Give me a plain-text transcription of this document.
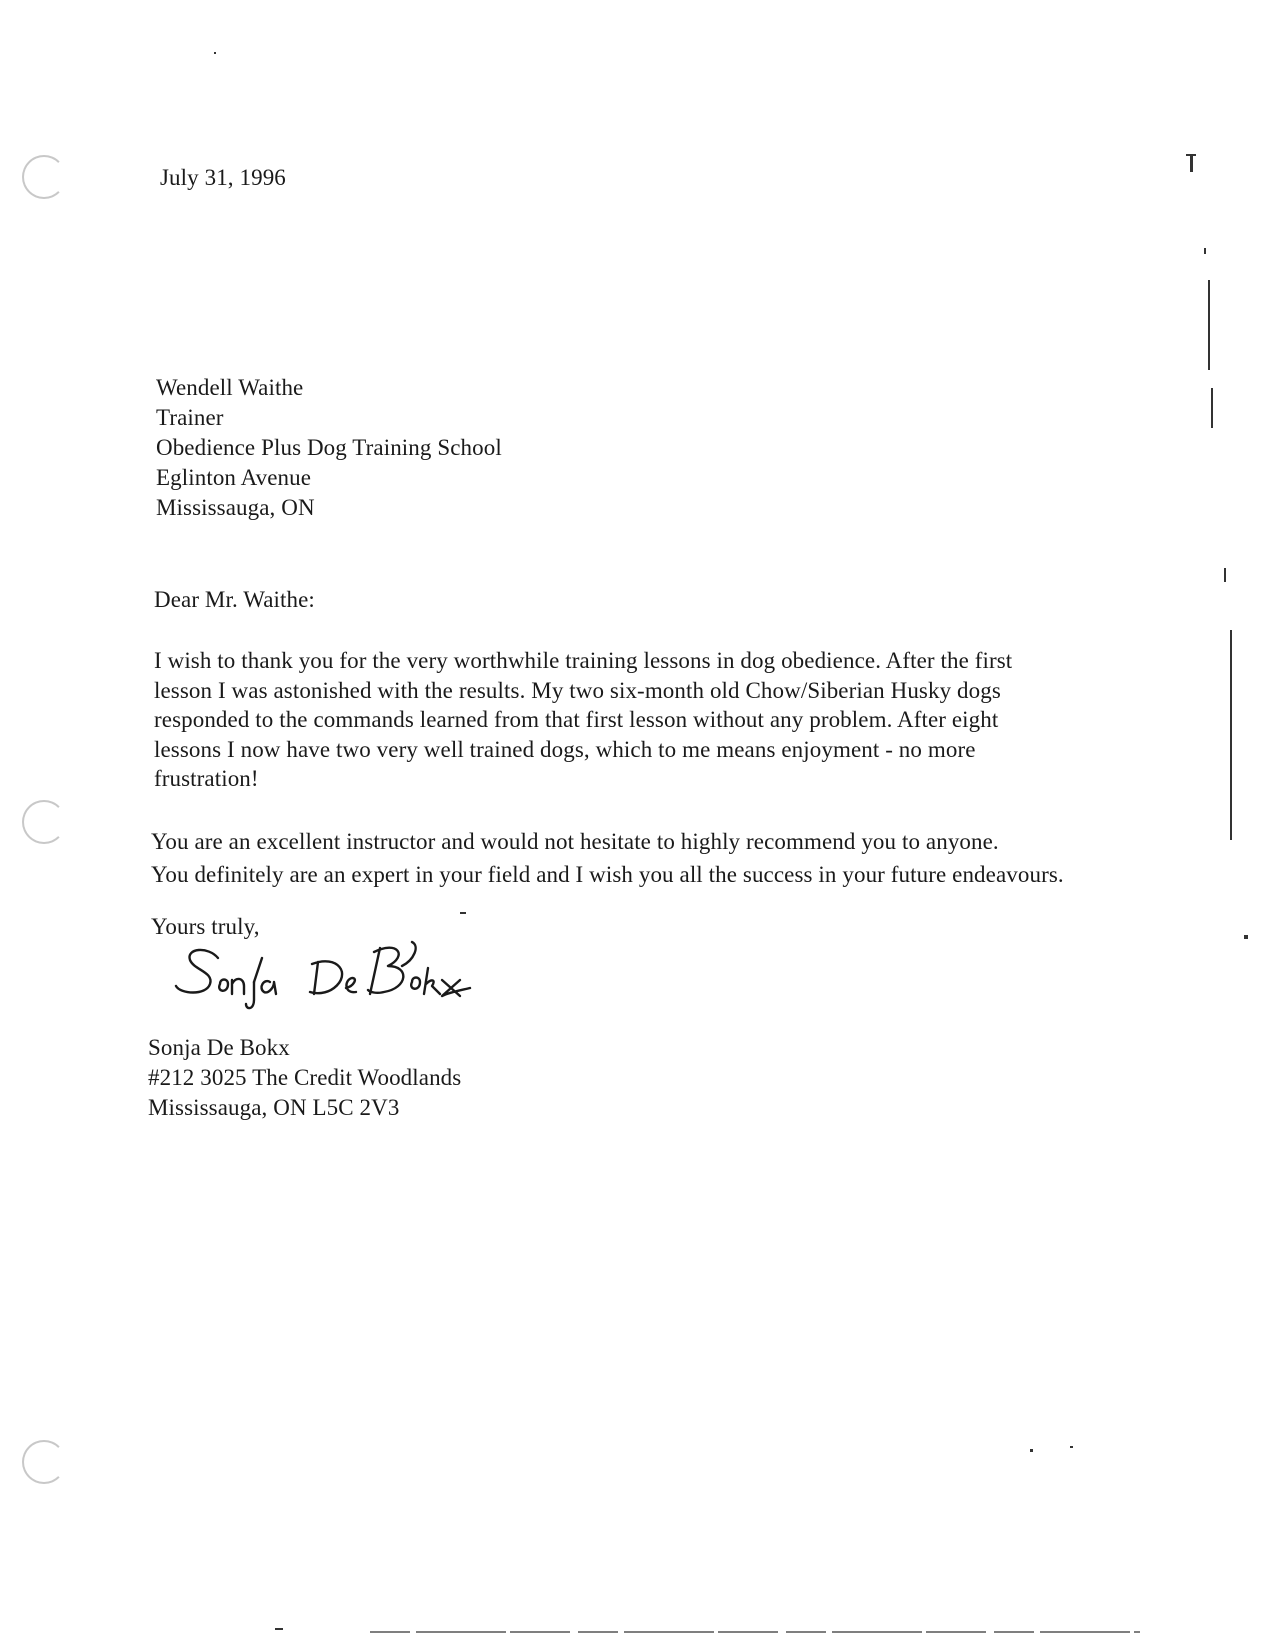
July 31, 1996
Wendell Waithe
Trainer
Obedience Plus Dog Training School
Eglinton Avenue
Mississauga, ON
Dear Mr. Waithe:
I wish to thank you for the very worthwhile training lessons in dog obedience. After the first
lesson I was astonished with the results. My two six-month old Chow/Siberian Husky dogs
responded to the commands learned from that first lesson without any problem. After eight
lessons I now have two very well trained dogs, which to me means enjoyment - no more
frustration!
You are an excellent instructor and would not hesitate to highly recommend you to anyone.
You definitely are an expert in your field and I wish you all the success in your future endeavours.
Yours truly,
Sonja De Bokx
#212 3025 The Credit Woodlands
Mississauga, ON L5C 2V3
